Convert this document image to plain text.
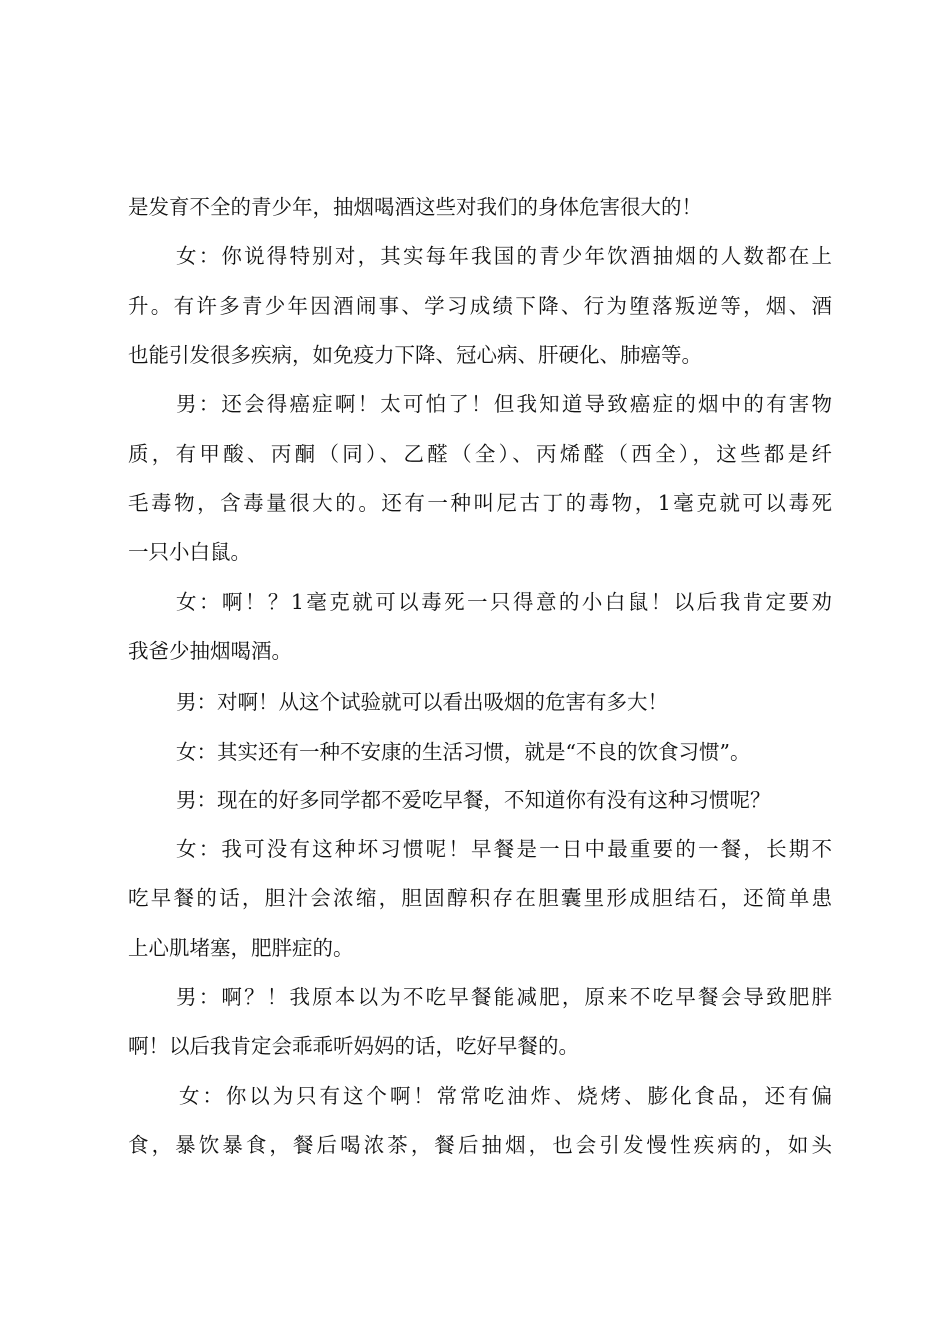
是发育不全的青少年，抽烟喝酒这些对我们的身体危害很大的！

女：你说得特别对，其实每年我国的青少年饮酒抽烟的人数都在上

升。有许多青少年因酒闹事、学习成绩下降、行为堕落叛逆等，烟、酒

也能引发很多疾病，如免疫力下降、冠心病、肝硬化、肺癌等。

男：还会得癌症啊！太可怕了！但我知道导致癌症的烟中的有害物

质，有甲酸、丙酮（同）、乙醛（全）、丙烯醛（西全），这些都是纤

毛毒物，含毒量很大的。还有一种叫尼古丁的毒物，1毫克就可以毒死

一只小白鼠。

女：啊！？1毫克就可以毒死一只得意的小白鼠！以后我肯定要劝

我爸少抽烟喝酒。

男：对啊！从这个试验就可以看出吸烟的危害有多大！

女：其实还有一种不安康的生活习惯，就是“不良的饮食习惯”。

男：现在的好多同学都不爱吃早餐，不知道你有没有这种习惯呢？

女：我可没有这种坏习惯呢！早餐是一日中最重要的一餐，长期不

吃早餐的话，胆汁会浓缩，胆固醇积存在胆囊里形成胆结石，还简单患

上心肌堵塞，肥胖症的。

男：啊？！我原本以为不吃早餐能减肥，原来不吃早餐会导致肥胖

啊！以后我肯定会乖乖听妈妈的话，吃好早餐的。

女：你以为只有这个啊！常常吃油炸、烧烤、膨化食品，还有偏

食，暴饮暴食，餐后喝浓茶，餐后抽烟，也会引发慢性疾病的，如头
